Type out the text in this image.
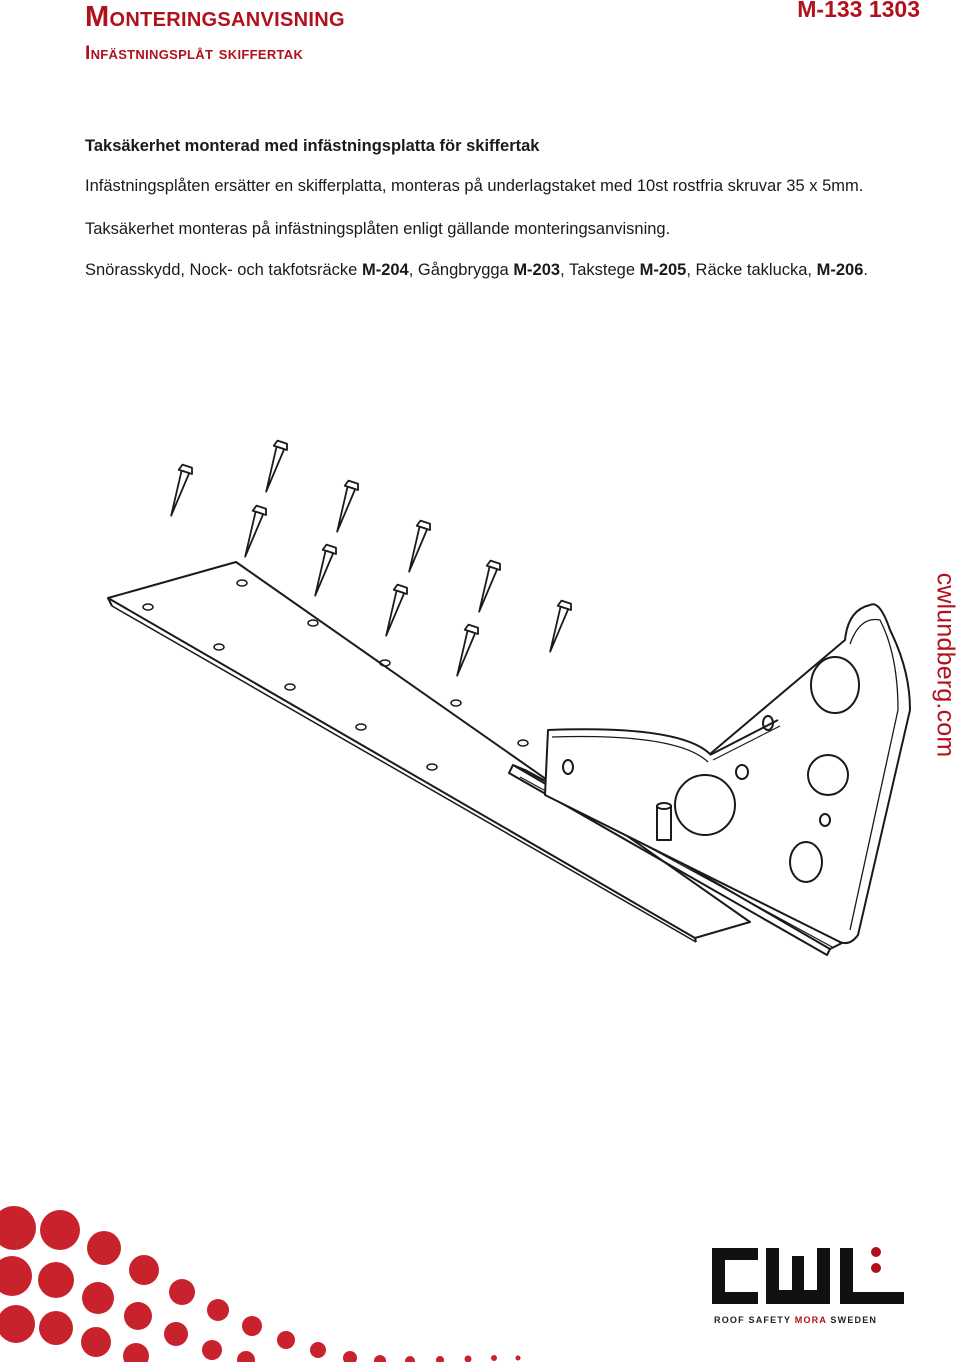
Monteringsanvisning
Infästningsplåt skiffertak
M-133 1303

Taksäkerhet monterad med infästningsplatta för skiffertak

Infästningsplåten ersätter en skifferplatta, monteras på underlagstaket med 10st rostfria skruvar 35 x 5mm.

Taksäkerhet monteras på infästningsplåten enligt gällande monteringsanvisning.

Snörasskydd, Nock- och takfotsräcke M-204, Gångbrygga M-203, Takstege M-205, Räcke taklucka, M-206.

cwlundberg.com
ROOF SAFETY MORA SWEDEN
